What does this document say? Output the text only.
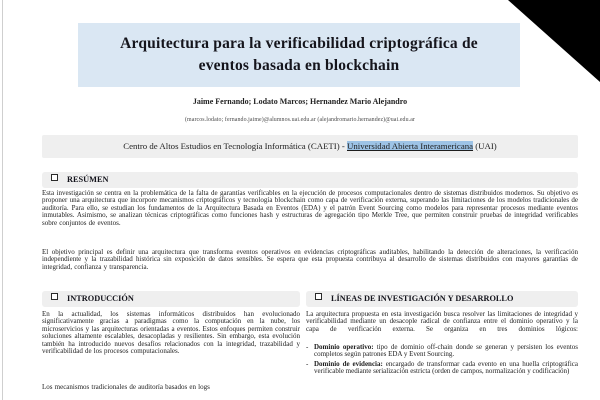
Arquitectura para la verificabilidad criptográfica de eventos basada en blockchain
Jaime Fernando; Lodato Marcos; Hernandez Mario Alejandro
(marcos.lodato; fernando.jaime)@alumnos.uai.edu.ar (alejandromario.hernandez)@uai.edu.ar
Centro de Altos Estudios en Tecnología Informática (CAETI) - Universidad Abierta Interamericana (UAI)
RESÚMEN

Esta investigación se centra en la problemática de la falta de garantías verificables en la ejecución de procesos computacionales dentro de sistemas distribuidos modernos. Su objetivo es proponer una arquitectura que incorpore mecanismos criptográficos y tecnología blockchain como capa de verificación externa, superando las limitaciones de los modelos tradicionales de auditoría. Para ello, se estudian los fundamentos de la Arquitectura Basada en Eventos (EDA) y el patrón Event Sourcing como modelos para representar procesos mediante eventos inmutables. Asimismo, se analizan técnicas criptográficas como funciones hash y estructuras de agregación tipo Merkle Tree, que permiten construir pruebas de integridad verificables sobre conjuntos de eventos.

El objetivo principal es definir una arquitectura que transforma eventos operativos en evidencias criptográficas auditables, habilitando la detección de alteraciones, la verificación independiente y la trazabilidad histórica sin exposición de datos sensibles. Se espera que esta propuesta contribuya al desarrollo de sistemas distribuidos con mayores garantías de integridad, confianza y transparencia.

INTRODUCCIÓN

En la actualidad, los sistemas informáticos distribuidos han evolucionado significativamente gracias a paradigmas como la computación en la nube, los microservicios y las arquitecturas orientadas a eventos. Estos enfoques permiten construir soluciones altamente escalables, desacopladas y resilientes. Sin embargo, esta evolución también ha introducido nuevos desafíos relacionados con la integridad, trazabilidad y verificabilidad de los procesos computacionales.

Los mecanismos tradicionales de auditoría basados en logs

LÍNEAS DE INVESTIGACIÓN Y DESARROLLO

La arquitectura propuesta en esta investigación busca resolver las limitaciones de integridad y verificabilidad mediante un desacople radical de confianza entre el dominio operativo y la capa de verificación externa. Se organiza en tres dominios lógicos:

- Dominio operativo: tipo de dominio off-chain donde se generan y persisten los eventos completos según patrones EDA y Event Sourcing.
- Dominio de evidencia: encargado de transformar cada evento en una huella criptográfica verificable mediante serialización estricta (orden de campos, normalización y codificación)
